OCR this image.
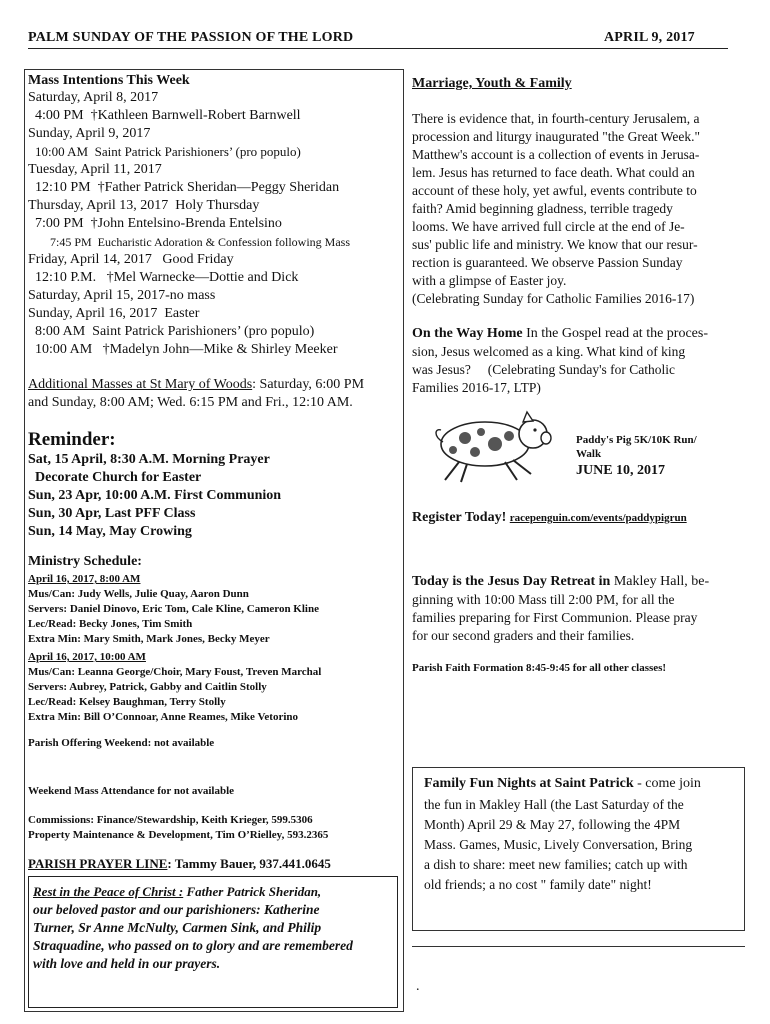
PALM SUNDAY OF THE PASSION OF THE LORD	APRIL 9, 2017
Mass Intentions This Week
Saturday, April 8, 2017
4:00 PM  †Kathleen Barnwell-Robert Barnwell
Sunday, April 9, 2017
10:00 AM  Saint Patrick Parishioners’ (pro populo)
Tuesday, April 11, 2017
12:10 PM  †Father Patrick Sheridan—Peggy Sheridan
Thursday, April 13, 2017  Holy Thursday
7:00 PM  †John Entelsino-Brenda Entelsino
7:45 PM  Eucharistic Adoration & Confession following Mass
Friday, April 14, 2017   Good Friday
12:10 P.M.   †Mel Warnecke—Dottie and Dick
Saturday, April 15, 2017-no mass
Sunday, April 16, 2017  Easter
8:00 AM  Saint Patrick Parishioners’ (pro populo)
10:00 AM   †Madelyn John—Mike & Shirley Meeker
Additional Masses at St Mary of Woods: Saturday, 6:00 PM
and Sunday, 8:00 AM; Wed. 6:15 PM and Fri., 12:10 AM.
Reminder:
Sat, 15 April, 8:30 A.M. Morning Prayer
Decorate Church for Easter
Sun, 23 Apr, 10:00 A.M. First Communion
Sun, 30 Apr, Last PFF Class
Sun, 14 May, May Crowing
Ministry Schedule:
April 16, 2017, 8:00 AM
Mus/Can: Judy Wells, Julie Quay, Aaron Dunn
Servers: Daniel Dinovo, Eric Tom, Cale Kline, Cameron Kline
Lec/Read: Becky Jones, Tim Smith
Extra Min: Mary Smith, Mark Jones, Becky Meyer
April 16, 2017, 10:00 AM
Mus/Can: Leanna George/Choir, Mary Foust, Treven Marchal
Servers: Aubrey, Patrick, Gabby and Caitlin Stolly
Lec/Read: Kelsey Baughman, Terry Stolly
Extra Min: Bill O’Connoar, Anne Reames, Mike Vetorino
Parish Offering Weekend: not available
Weekend Mass Attendance for not available
Commissions: Finance/Stewardship, Keith Krieger, 599.5306
Property Maintenance & Development, Tim O’Rielley, 593.2365
PARISH PRAYER LINE: Tammy Bauer, 937.441.0645
Rest in the Peace of Christ : Father Patrick Sheridan,
our beloved pastor and our parishioners: Katherine
Turner, Sr Anne McNulty, Carmen Sink, and Philip
Straquadine, who passed on to glory and are remembered
with love and held in our prayers.
Marriage, Youth & Family
There is evidence that, in fourth-century Jerusalem, a
procession and liturgy inaugurated "the Great Week."
Matthew's account is a collection of events in Jerusa-
lem. Jesus has returned to face death. What could an
account of these holy, yet awful, events contribute to
faith? Amid beginning gladness, terrible tragedy
looms. We have arrived full circle at the end of Je-
sus' public life and ministry. We know that our resur-
rection is guaranteed. We observe Passion Sunday
with a glimpse of Easter joy.
(Celebrating Sunday for Catholic Families 2016-17)
On the Way Home In the Gospel read at the proces-
sion, Jesus welcomed as a king. What kind of king
was Jesus?     (Celebrating Sunday's for Catholic
Families 2016-17, LTP)
Paddy's Pig 5K/10K Run/
Walk
JUNE 10, 2017
Register Today! racepenguin.com/events/paddypigrun
Today is the Jesus Day Retreat in Makley Hall, be-
ginning with 10:00 Mass till 2:00 PM, for all the
families preparing for First Communion. Please pray
for our second graders and their families.
Parish Faith Formation 8:45-9:45 for all other classes!
Family Fun Nights at Saint Patrick - come join
the fun in Makley Hall (the Last Saturday of the
Month) April 29 & May 27, following the 4PM
Mass. Games, Music, Lively Conversation, Bring
a dish to share: meet new families; catch up with
old friends; a no cost " family date" night!
.
